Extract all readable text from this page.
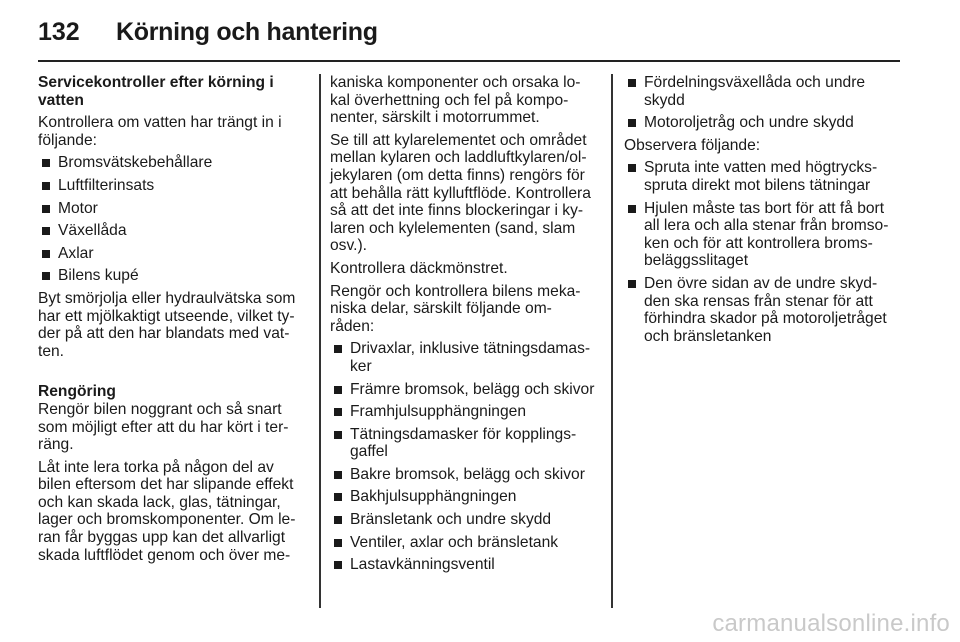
132	Körning och hantering
Servicekontroller efter körning i
vatten
Kontrollera om vatten har trängt in i
följande:
Bromsvätskebehållare
Luftfilterinsats
Motor
Växellåda
Axlar
Bilens kupé
Byt smörjolja eller hydraulvätska som
har ett mjölkaktigt utseende, vilket ty-
der på att den har blandats med vat-
ten.
Rengöring
Rengör bilen noggrant och så snart
som möjligt efter att du har kört i ter-
räng.
Låt inte lera torka på någon del av
bilen eftersom det har slipande effekt
och kan skada lack, glas, tätningar,
lager och bromskomponenter. Om le-
ran får byggas upp kan det allvarligt
skada luftflödet genom och över me-
kaniska komponenter och orsaka lo-
kal överhettning och fel på kompo-
nenter, särskilt i motorrummet.
Se till att kylarelementet och området
mellan kylaren och laddluftkylaren/ol-
jekylaren (om detta finns) rengörs för
att behålla rätt kylluftflöde. Kontrollera
så att det inte finns blockeringar i ky-
laren och kylelementen (sand, slam
osv.).
Kontrollera däckmönstret.
Rengör och kontrollera bilens meka-
niska delar, särskilt följande om-
råden:
Drivaxlar, inklusive tätningsdamas-
ker
Främre bromsok, belägg och skivor
Framhjulsupphängningen
Tätningsdamasker för kopplings-
gaffel
Bakre bromsok, belägg och skivor
Bakhjulsupphängningen
Bränsletank och undre skydd
Ventiler, axlar och bränsletank
Lastavkänningsventil
Fördelningsväxellåda och undre
skydd
Motoroljetråg och undre skydd
Observera följande:
Spruta inte vatten med högtrycks-
spruta direkt mot bilens tätningar
Hjulen måste tas bort för att få bort
all lera och alla stenar från bromso-
ken och för att kontrollera broms-
beläggsslitaget
Den övre sidan av de undre skyd-
den ska rensas från stenar för att
förhindra skador på motoroljetråget
och bränsletanken
carmanualsonline.info
